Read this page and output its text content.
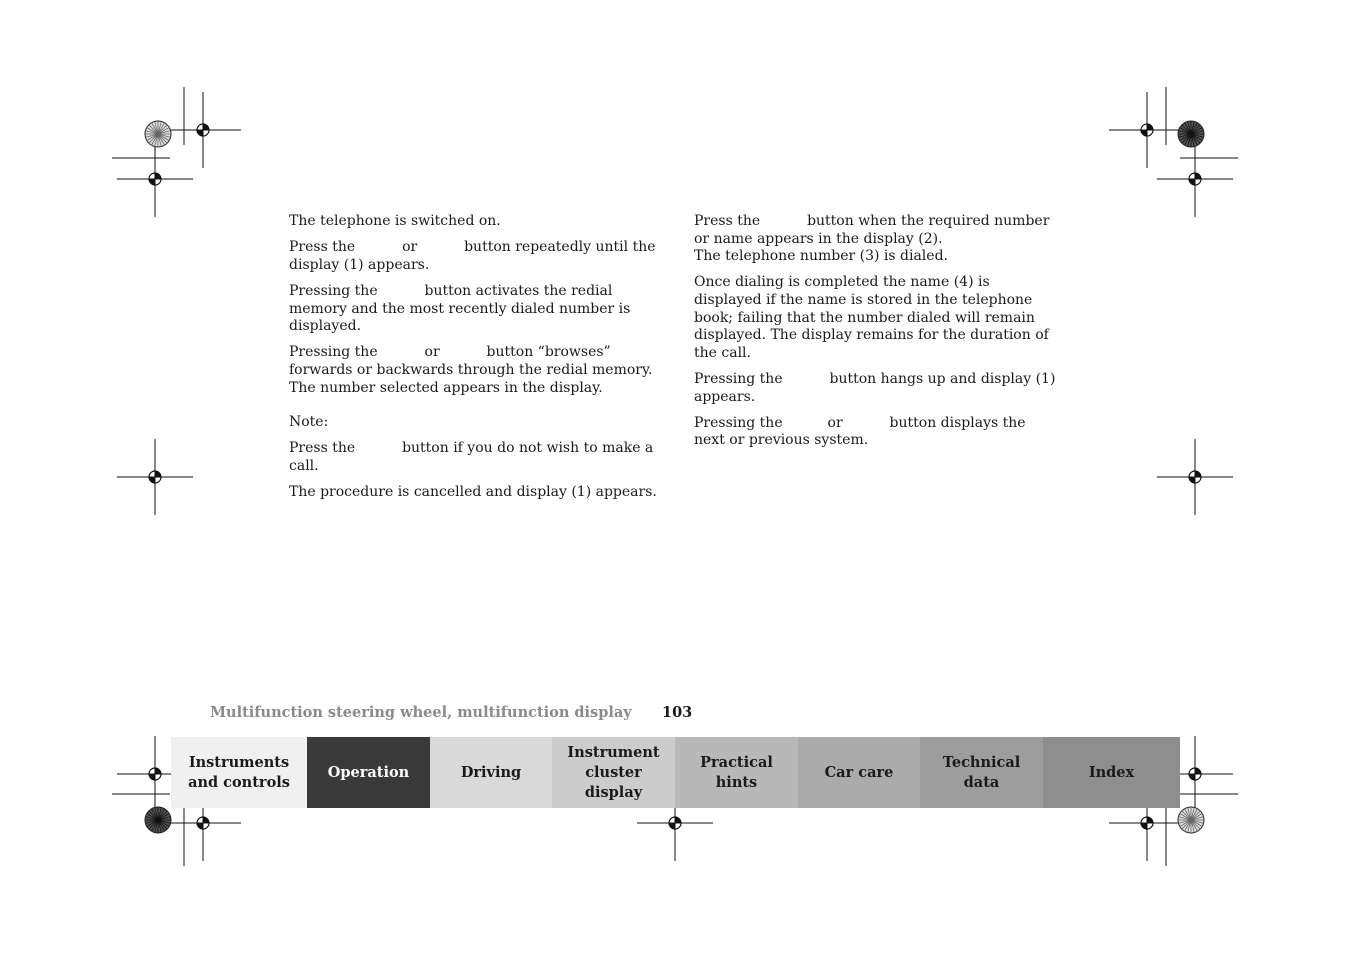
The telephone is switched on.

Press the	or	button repeatedly until the display (1) appears.

Pressing the	button activates the redial memory and the most recently dialed number is displayed.

Pressing the	or	button “browses” forwards or backwards through the redial memory. The number selected appears in the display.

Note:

Press the	button if you do not wish to make a call.

The procedure is cancelled and display (1) appears.

Press the	button when the required number or name appears in the display (2).
The telephone number (3) is dialed.

Once dialing is completed the name (4) is displayed if the name is stored in the telephone book; failing that the number dialed will remain displayed. The display remains for the duration of the call.

Pressing the	button hangs up and display (1) appears.

Pressing the	or	button displays the next or previous system.

Multifunction steering wheel, multifunction display 103
Instruments
and controls
Operation	Driving
Instrument
cluster display
Practical hints
Car care
Technical
data
Index
